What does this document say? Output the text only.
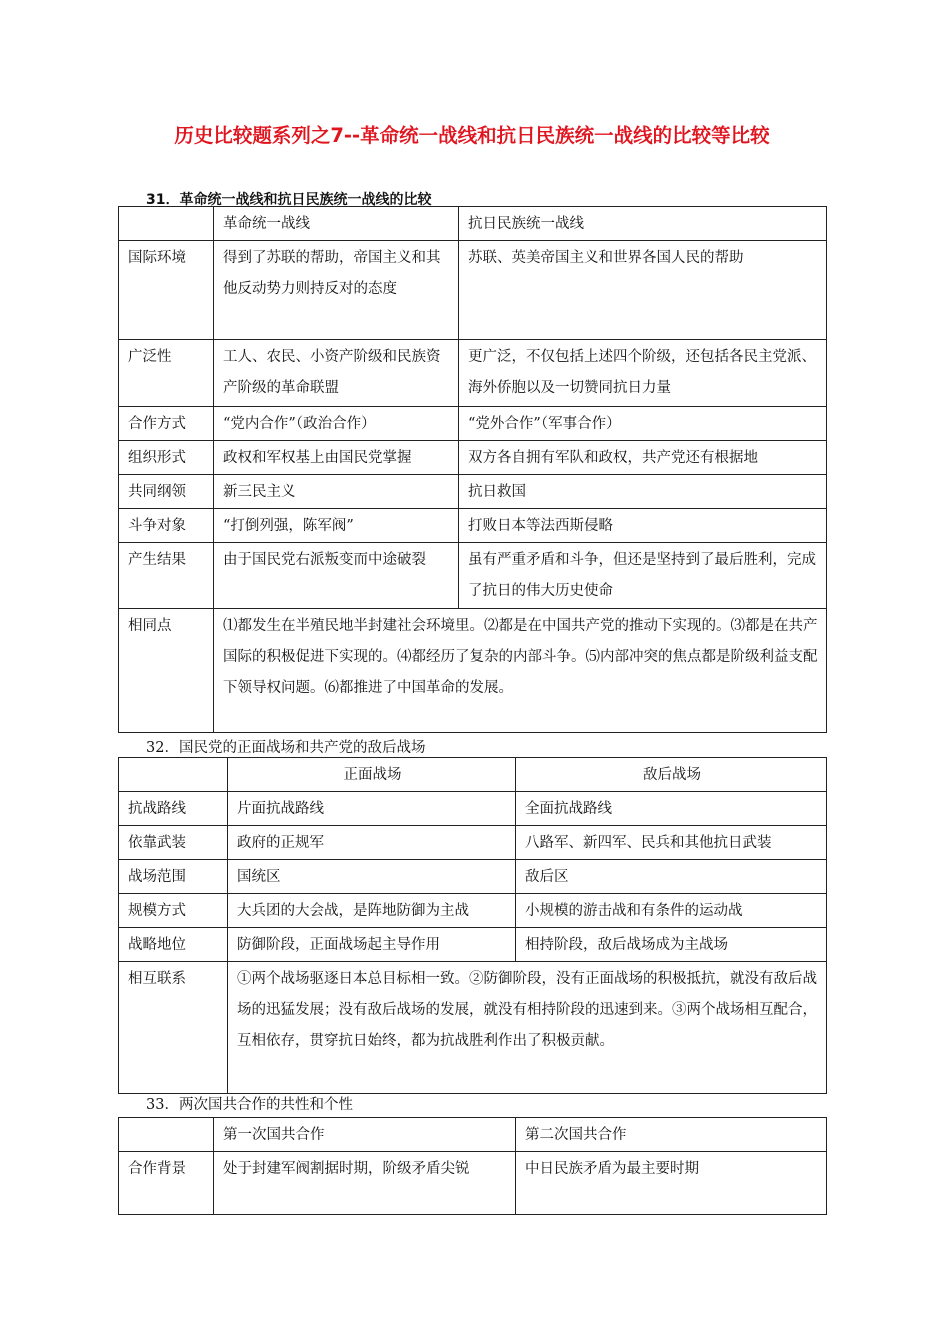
历史比较题系列之7--革命统一战线和抗日民族统一战线的比较等比较
31．革命统一战线和抗日民族统一战线的比较
	革命统一战线	抗日民族统一战线
国际环境	得到了苏联的帮助，帝国主义和其他反动势力则持反对的态度	苏联、英美帝国主义和世界各国人民的帮助
广泛性	工人、农民、小资产阶级和民族资产阶级的革命联盟	更广泛，不仅包括上述四个阶级，还包括各民主党派、海外侨胞以及一切赞同抗日力量
合作方式	“党内合作”（政治合作）	“党外合作”（军事合作）
组织形式	政权和军权基上由国民党掌握	双方各自拥有军队和政权，共产党还有根据地
共同纲领	新三民主义	抗日救国
斗争对象	“打倒列强，陈军阀”	打败日本等法西斯侵略
产生结果	由于国民党右派叛变而中途破裂	虽有严重矛盾和斗争，但还是坚持到了最后胜利，完成了抗日的伟大历史使命
相同点	⑴都发生在半殖民地半封建社会环境里。⑵都是在中国共产党的推动下实现的。⑶都是在共产国际的积极促进下实现的。⑷都经历了复杂的内部斗争。⑸内部冲突的焦点都是阶级利益支配下领导权问题。⑹都推进了中国革命的发展。	
32．国民党的正面战场和共产党的敌后战场
	正面战场	敌后战场
抗战路线	片面抗战路线	全面抗战路线
依靠武装	政府的正规军	八路军、新四军、民兵和其他抗日武装
战场范围	国统区	敌后区
规模方式	大兵团的大会战，是阵地防御为主战	小规模的游击战和有条件的运动战
战略地位	防御阶段，正面战场起主导作用	相持阶段，敌后战场成为主战场
相互联系	①两个战场驱逐日本总目标相一致。②防御阶段，没有正面战场的积极抵抗，就没有敌后战场的迅猛发展；没有敌后战场的发展，就没有相持阶段的迅速到来。③两个战场相互配合，互相依存，贯穿抗日始终，都为抗战胜利作出了积极贡献。	
33．两次国共合作的共性和个性
	第一次国共合作	第二次国共合作
合作背景	处于封建军阀割据时期，阶级矛盾尖锐	中日民族矛盾为最主要时期
